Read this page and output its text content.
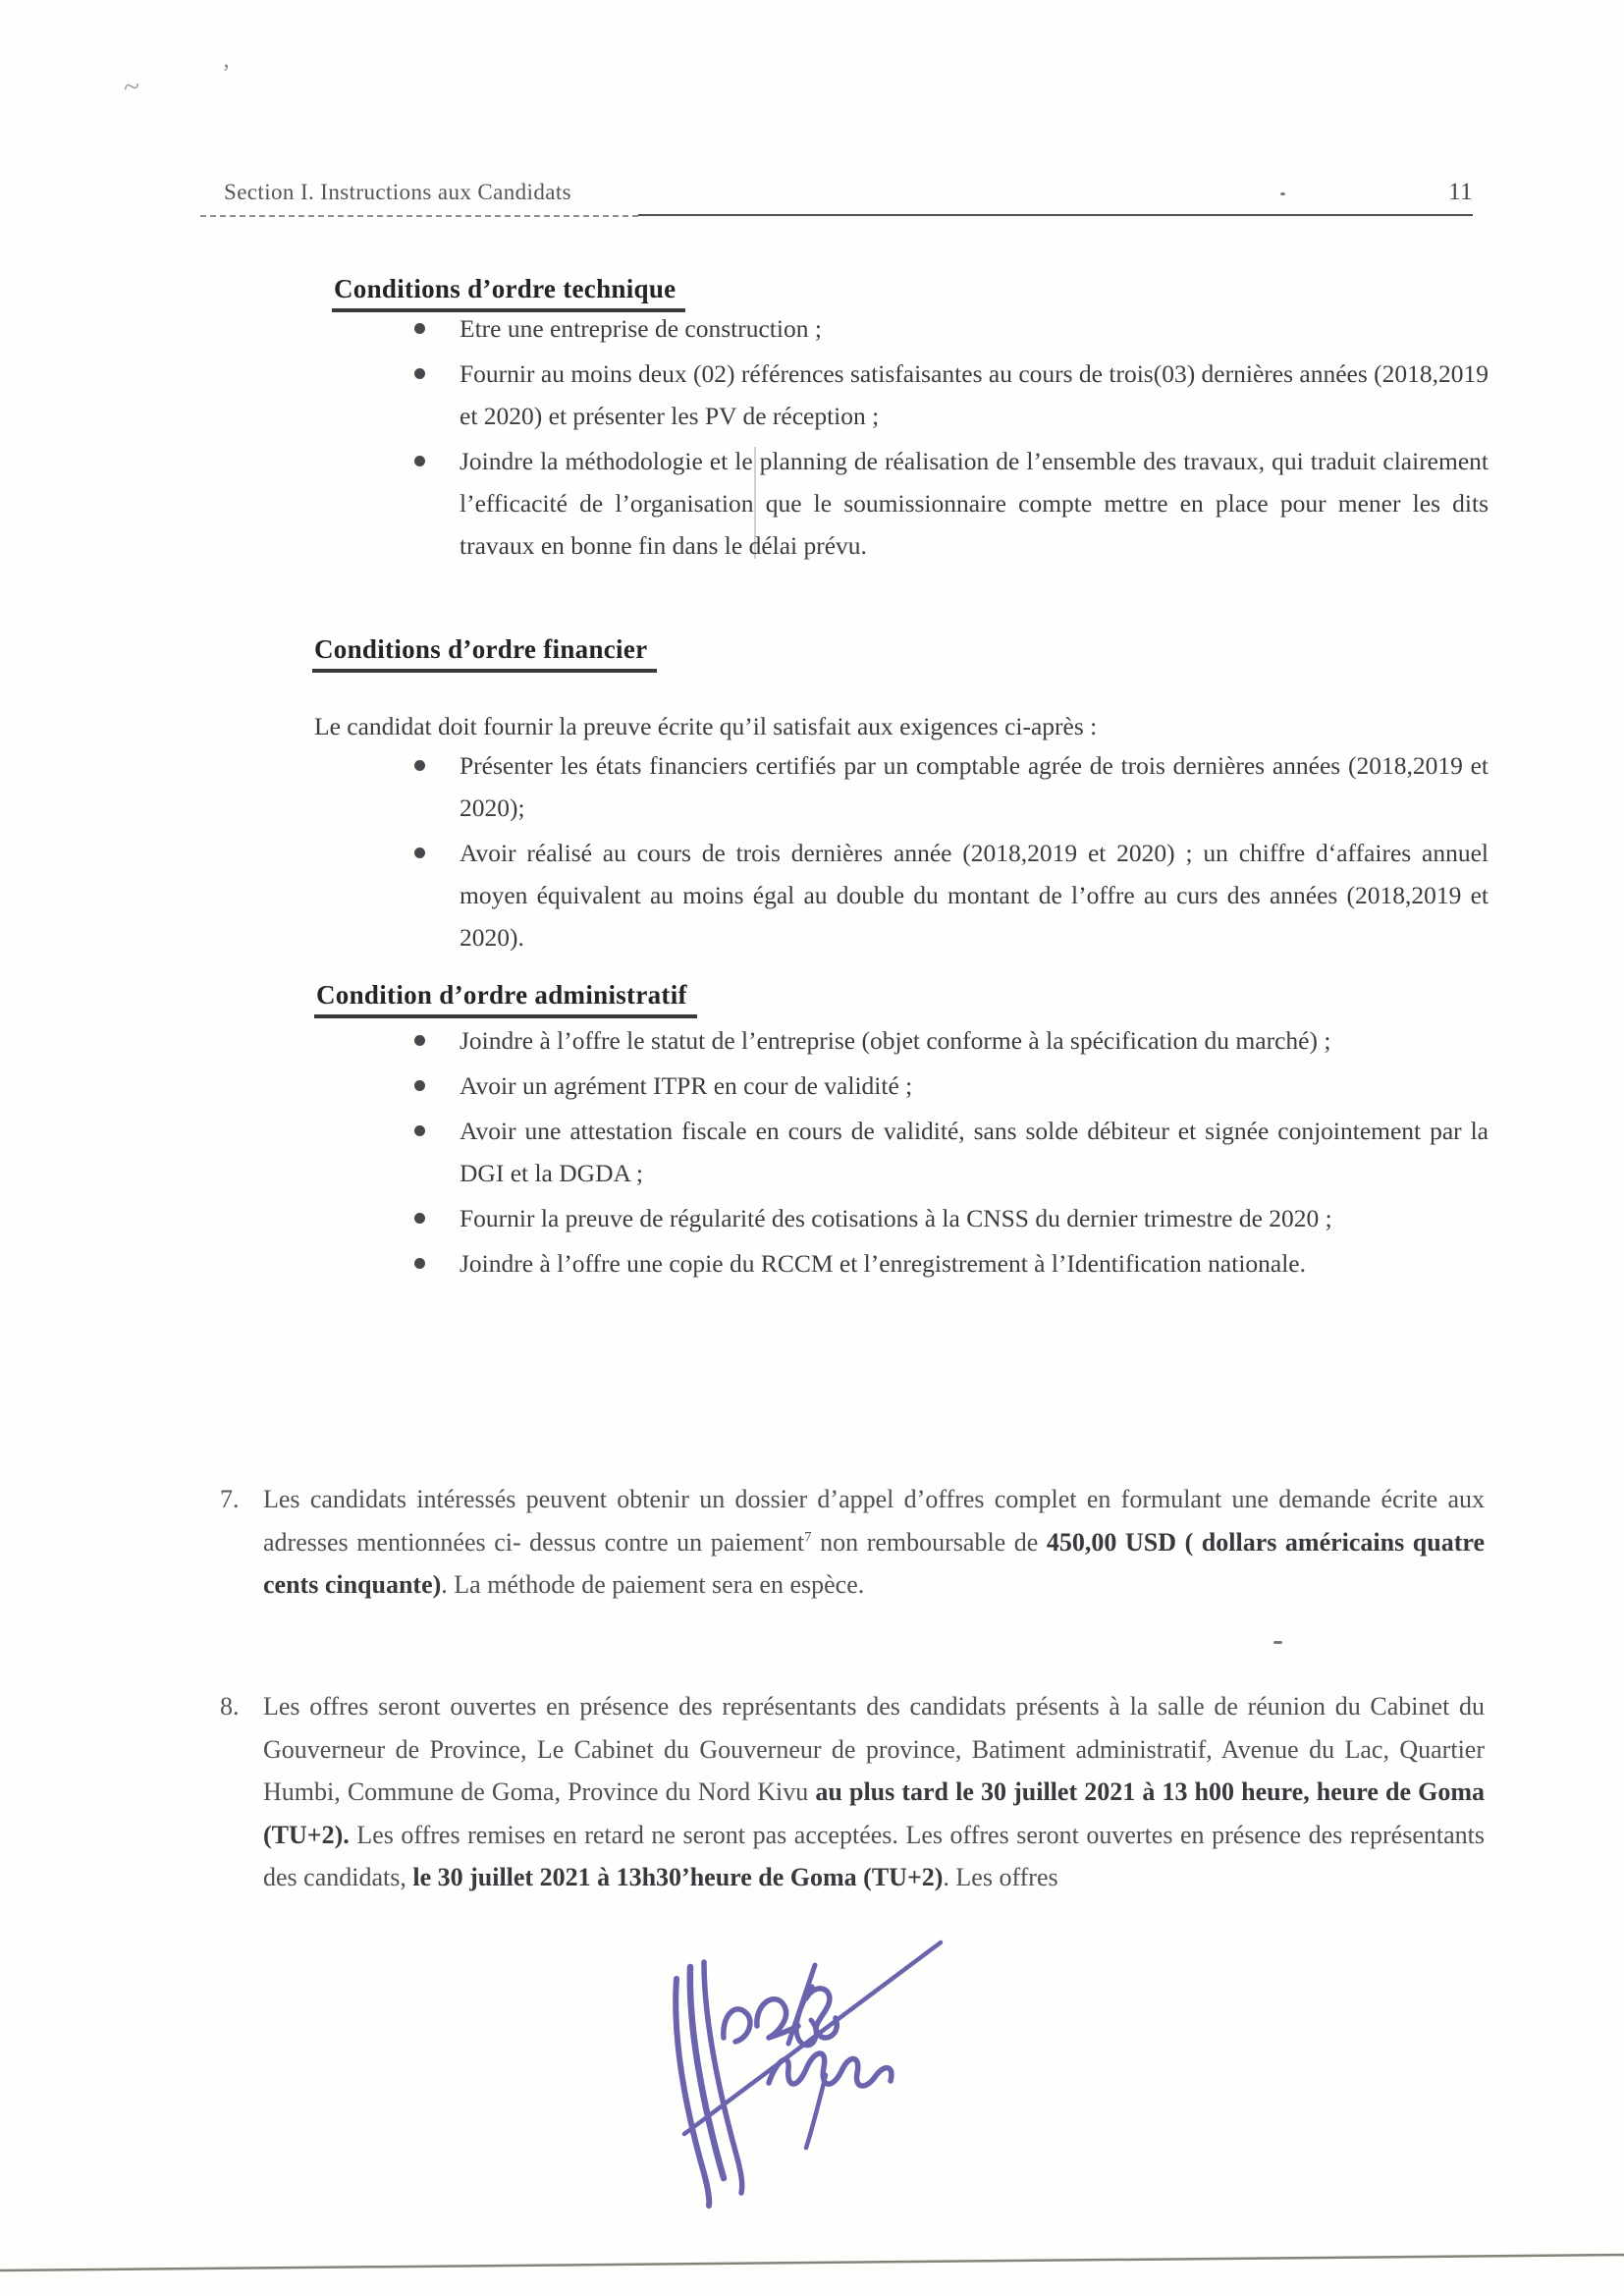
~	’
Section I. Instructions aux Candidats	11
Conditions d’ordre technique
Etre une entreprise de construction ;
Fournir au moins deux (02) références satisfaisantes au cours de trois(03) dernières années (2018,2019 et 2020) et présenter les PV de réception ;
Joindre la méthodologie et le planning de réalisation de l’ensemble des travaux, qui traduit clairement l’efficacité de l’organisation que le soumissionnaire compte mettre en place pour mener les dits travaux en bonne fin dans le délai prévu.
Conditions d’ordre financier
Le candidat doit fournir la preuve écrite qu’il satisfait aux exigences ci-après :
Présenter les états financiers certifiés par un comptable agrée de trois dernières années (2018,2019 et 2020);
Avoir réalisé au cours de trois dernières année (2018,2019 et 2020) ; un chiffre d‘affaires annuel moyen équivalent au moins égal au double du montant de l’offre au curs des années (2018,2019 et 2020).
Condition d’ordre administratif
Joindre à l’offre le statut de l’entreprise (objet conforme à la spécification du marché) ;
Avoir un agrément ITPR en cour de validité ;
Avoir une attestation fiscale en cours de validité, sans solde débiteur et signée conjointement par la DGI et la DGDA ;
Fournir la preuve de régularité des cotisations à la CNSS du dernier trimestre de 2020 ;
Joindre à l’offre une copie du RCCM et l’enregistrement à l’Identification nationale.
7. Les candidats intéressés peuvent obtenir un dossier d’appel d’offres complet en formulant une demande écrite aux adresses mentionnées ci- dessus contre un paiement$^7$ non remboursable de 450,00 USD ( dollars américains quatre cents cinquante). La méthode de paiement sera en espèce.
8. Les offres seront ouvertes en présence des représentants des candidats présents à la salle de réunion du Cabinet du Gouverneur de Province, Le Cabinet du Gouverneur de province, Batiment administratif, Avenue du Lac, Quartier Humbi, Commune de Goma, Province du Nord Kivu au plus tard le 30 juillet 2021 à 13 h00 heure, heure de Goma (TU+2). Les offres remises en retard ne seront pas acceptées. Les offres seront ouvertes en présence des représentants des candidats, le 30 juillet 2021 à 13h30’heure de Goma (TU+2). Les offres
